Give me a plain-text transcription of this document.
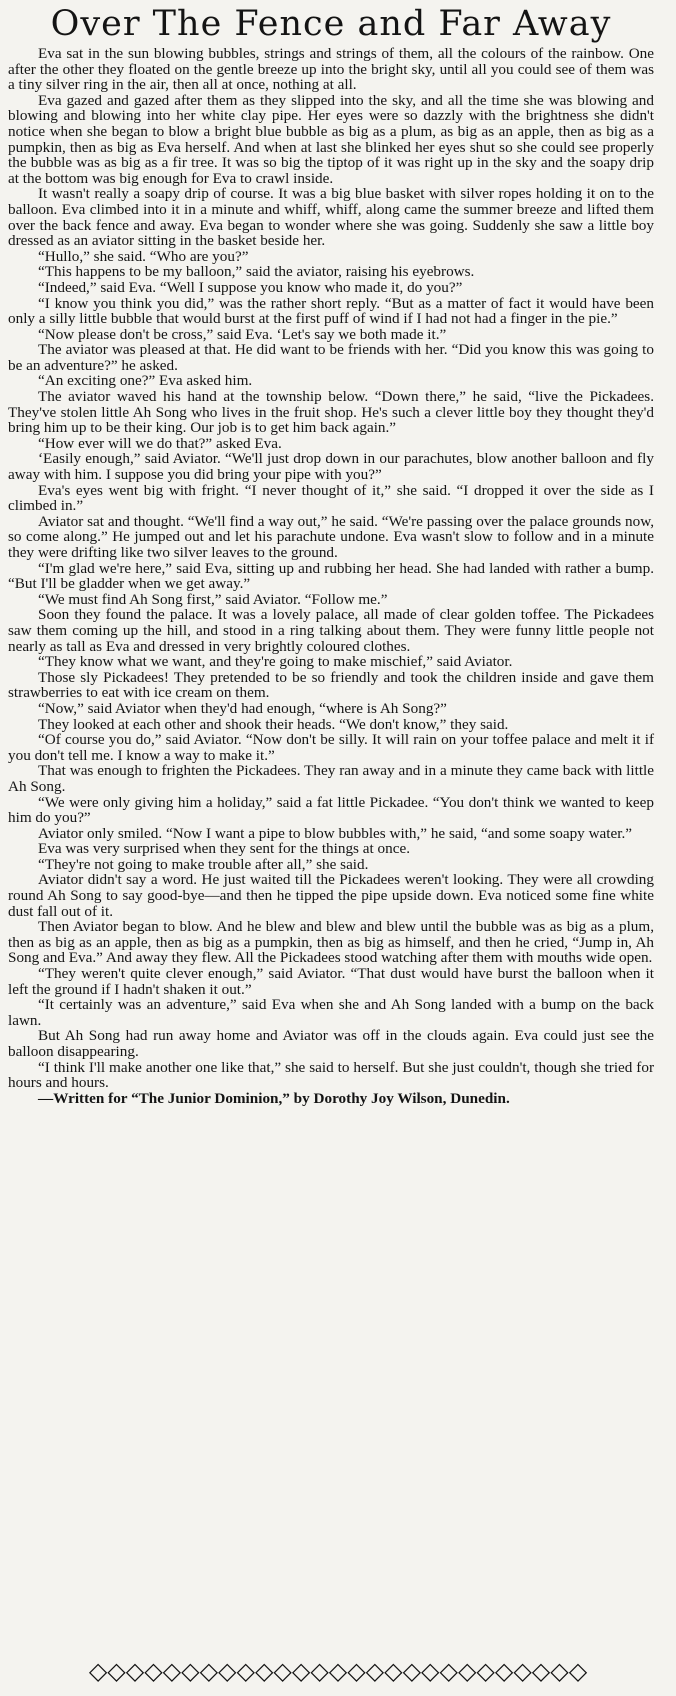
Over The Fence and Far Away

Eva sat in the sun blowing bubbles, strings and strings of them, all the colours of the rainbow. One after the other they floated on the gentle breeze up into the bright sky, until all you could see of them was a tiny silver ring in the air, then all at once, nothing at all.

Eva gazed and gazed after them as they slipped into the sky, and all the time she was blowing and blowing and blowing into her white clay pipe. Her eyes were so dazzly with the brightness she didn't notice when she began to blow a bright blue bubble as big as a plum, as big as an apple, then as big as a pumpkin, then as big as Eva herself. And when at last she blinked her eyes shut so she could see properly the bubble was as big as a fir tree. It was so big the tiptop of it was right up in the sky and the soapy drip at the bottom was big enough for Eva to crawl inside.

It wasn't really a soapy drip of course. It was a big blue basket with silver ropes holding it on to the balloon. Eva climbed into it in a minute and whiff, whiff, along came the summer breeze and lifted them over the back fence and away. Eva began to wonder where she was going. Suddenly she saw a little boy dressed as an aviator sitting in the basket beside her.

“Hullo,” she said. “Who are you?”

“This happens to be my balloon,” said the aviator, raising his eyebrows.

“Indeed,” said Eva. “Well I suppose you know who made it, do you?”

“I know you think you did,” was the rather short reply. “But as a matter of fact it would have been only a silly little bubble that would burst at the first puff of wind if I had not had a finger in the pie.”

“Now please don't be cross,” said Eva. ‘Let's say we both made it.”

The aviator was pleased at that. He did want to be friends with her. “Did you know this was going to be an adventure?” he asked.

“An exciting one?” Eva asked him.

The aviator waved his hand at the township below. “Down there,” he said, “live the Pickadees. They've stolen little Ah Song who lives in the fruit shop. He's such a clever little boy they thought they'd bring him up to be their king. Our job is to get him back again.”

“How ever will we do that?” asked Eva.

‘Easily enough,” said Aviator. “We'll just drop down in our parachutes, blow another balloon and fly away with him. I suppose you did bring your pipe with you?”

Eva's eyes went big with fright. “I never thought of it,” she said. “I dropped it over the side as I climbed in.”

Aviator sat and thought. “We'll find a way out,” he said. “We're passing over the palace grounds now, so come along.” He jumped out and let his parachute undone. Eva wasn't slow to follow and in a minute they were drifting like two silver leaves to the ground.

“I'm glad we're here,” said Eva, sitting up and rubbing her head. She had landed with rather a bump. “But I'll be gladder when we get away.”

“We must find Ah Song first,” said Aviator. “Follow me.”

Soon they found the palace. It was a lovely palace, all made of clear golden toffee. The Pickadees saw them coming up the hill, and stood in a ring talking about them. They were funny little people not nearly as tall as Eva and dressed in very brightly coloured clothes.

“They know what we want, and they're going to make mischief,” said Aviator.

Those sly Pickadees! They pretended to be so friendly and took the children inside and gave them strawberries to eat with ice cream on them.

“Now,” said Aviator when they'd had enough, “where is Ah Song?”

They looked at each other and shook their heads. “We don't know,” they said.

“Of course you do,” said Aviator. “Now don't be silly. It will rain on your toffee palace and melt it if you don't tell me. I know a way to make it.”

That was enough to frighten the Pickadees. They ran away and in a minute they came back with little Ah Song.

“We were only giving him a holiday,” said a fat little Pickadee. “You don't think we wanted to keep him do you?”

Aviator only smiled. “Now I want a pipe to blow bubbles with,” he said, “and some soapy water.”

Eva was very surprised when they sent for the things at once.

“They're not going to make trouble after all,” she said.

Aviator didn't say a word. He just waited till the Pickadees weren't looking. They were all crowding round Ah Song to say good-bye—and then he tipped the pipe upside down. Eva noticed some fine white dust fall out of it.

Then Aviator began to blow. And he blew and blew and blew until the bubble was as big as a plum, then as big as an apple, then as big as a pumpkin, then as big as himself, and then he cried, “Jump in, Ah Song and Eva.” And away they flew. All the Pickadees stood watching after them with mouths wide open.

“They weren't quite clever enough,” said Aviator. “That dust would have burst the balloon when it left the ground if I hadn't shaken it out.”

“It certainly was an adventure,” said Eva when she and Ah Song landed with a bump on the back lawn.

But Ah Song had run away home and Aviator was off in the clouds again. Eva could just see the balloon disappearing.

“I think I'll make another one like that,” she said to herself. But she just couldn't, though she tried for hours and hours.

—Written for “The Junior Dominion,” by Dorothy Joy Wilson, Dunedin.

◇◇◇◇◇◇◇◇◇◇◇◇◇◇◇◇◇◇◇◇◇◇◇◇◇◇◇
